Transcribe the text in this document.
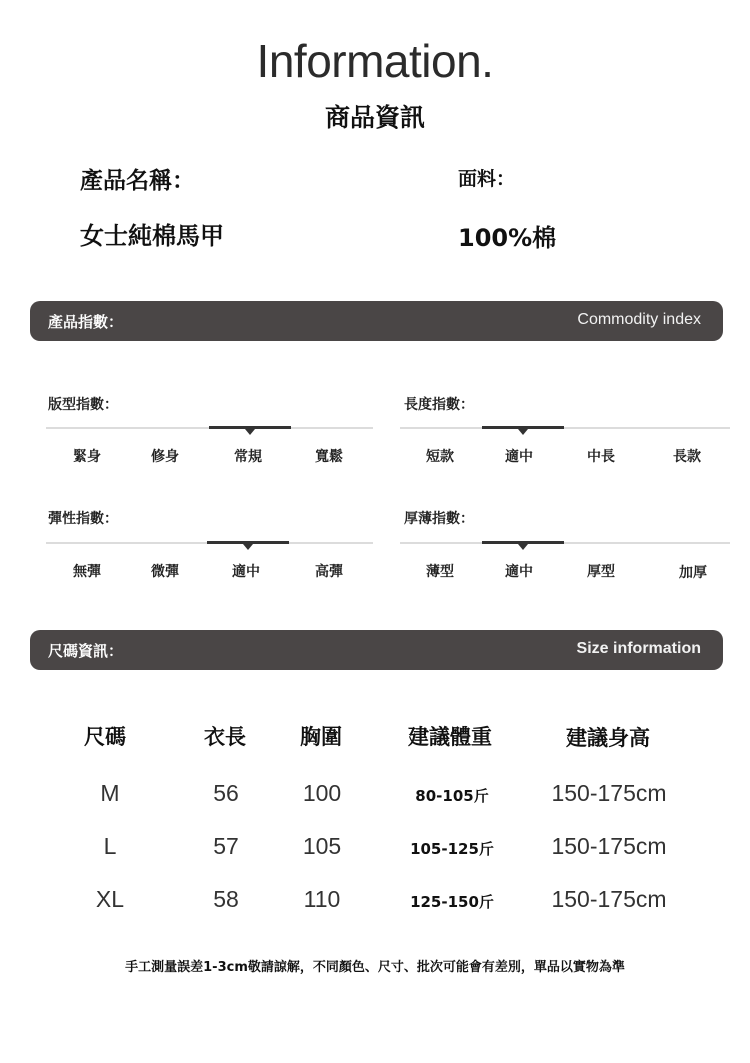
Information.
商品資訊
產品名稱：	面料：
女士純棉馬甲	100%棉
產品指數：	Commodity index
版型指數：
緊身	修身	常規	寬鬆
長度指數：
短款	適中	中長	長款
彈性指數：
無彈	微彈	適中	高彈
厚薄指數：
薄型	適中	厚型	加厚
尺碼資訊：	Size information
尺碼	衣長	胸圍	建議體重	建議身高
M	56	100	80-105斤	150-175cm
L	57	105	105-125斤	150-175cm
XL	58	110	125-150斤	150-175cm
手工測量誤差1-3cm敬請諒解，不同顏色、尺寸、批次可能會有差別，單品以實物為準
